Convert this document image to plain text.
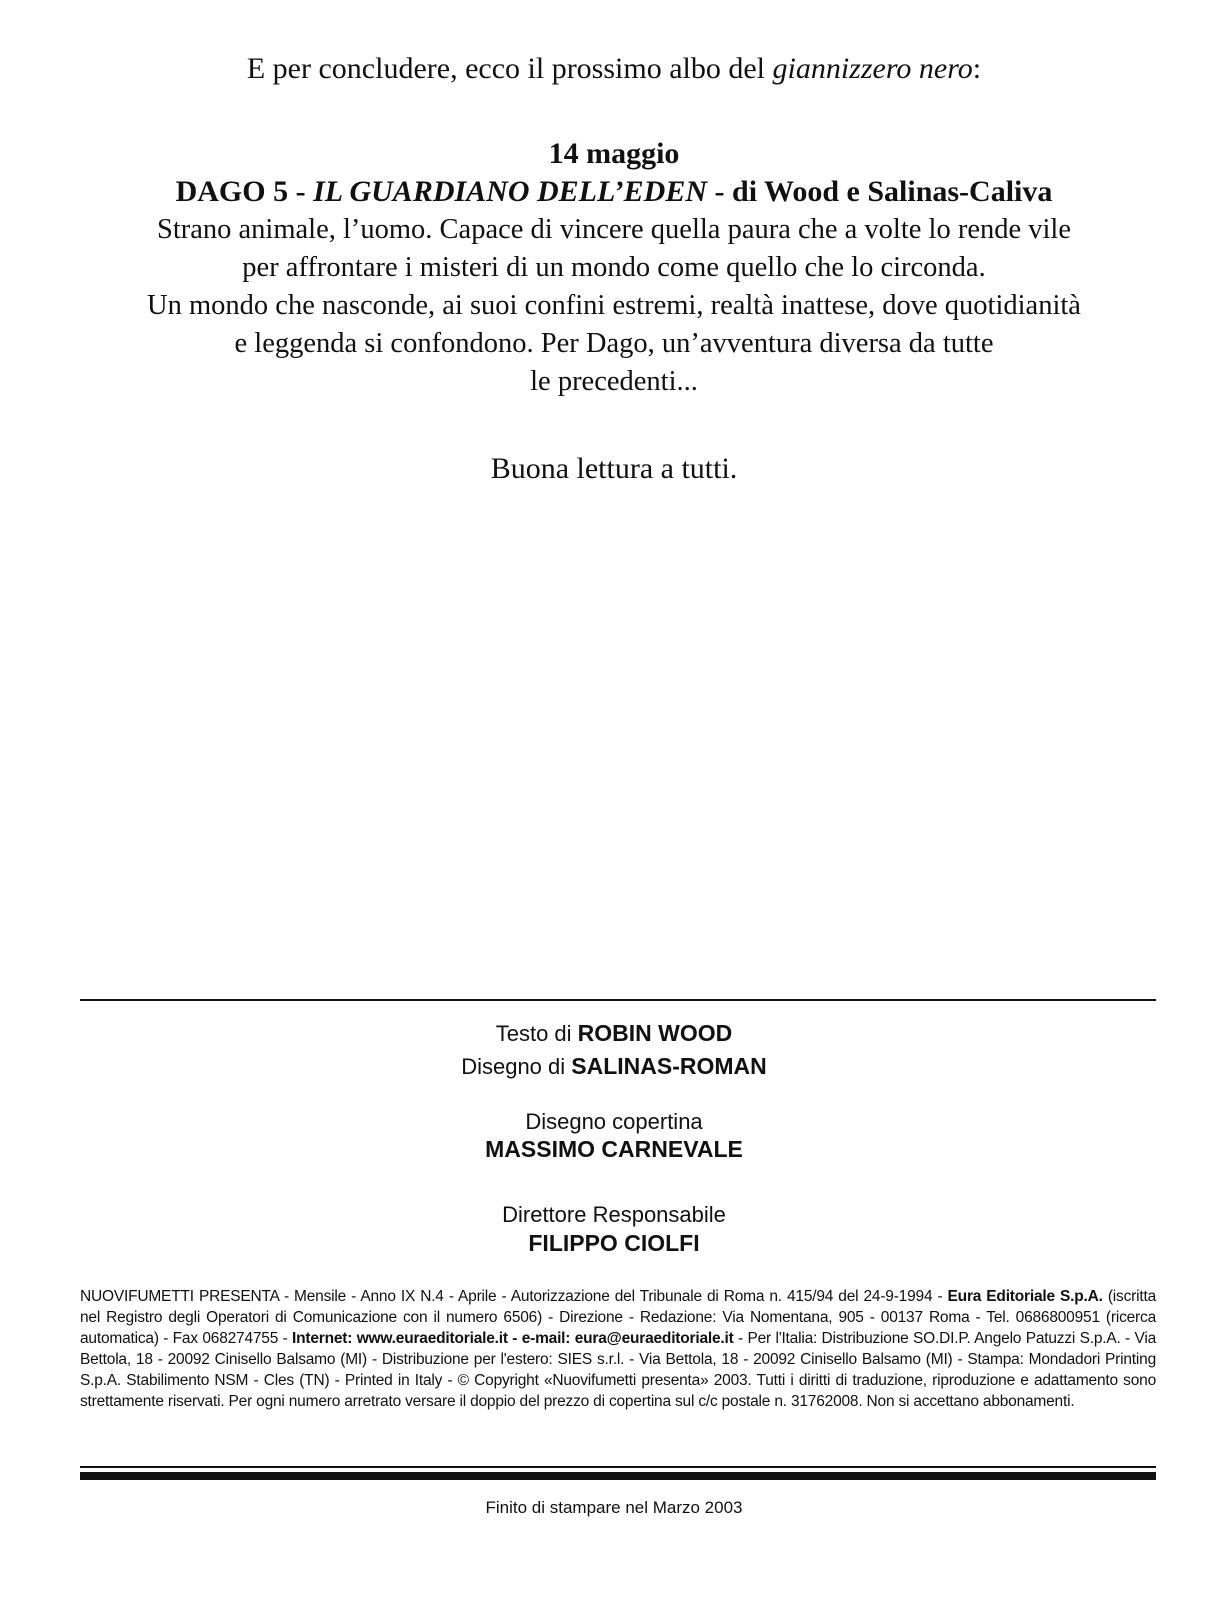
E per concludere, ecco il prossimo albo del giannizzero nero:
14 maggio
DAGO 5 - IL GUARDIANO DELL’EDEN - di Wood e Salinas-Caliva
Strano animale, l’uomo. Capace di vincere quella paura che a volte lo rende vile
per affrontare i misteri di un mondo come quello che lo circonda.
Un mondo che nasconde, ai suoi confini estremi, realtà inattese, dove quotidianità
e leggenda si confondono. Per Dago, un’avventura diversa da tutte
le precedenti...
Buona lettura a tutti.
Testo di ROBIN WOOD
Disegno di SALINAS-ROMAN
Disegno copertina
MASSIMO CARNEVALE
Direttore Responsabile
FILIPPO CIOLFI
NUOVIFUMETTI PRESENTA - Mensile - Anno IX N.4 - Aprile - Autorizzazione del Tribunale di Roma n. 415/94 del 24-9-1994 - Eura Editoriale S.p.A. (iscritta nel Registro degli Operatori di Comunicazione con il numero 6506) - Direzione - Redazione: Via Nomentana, 905 - 00137 Roma - Tel. 0686800951 (ricerca automatica) - Fax 068274755 - Internet: www.euraeditoriale.it - e-mail: eura@euraeditoriale.it - Per l'Italia: Distribuzione SO.DI.P. Angelo Patuzzi S.p.A. - Via Bettola, 18 - 20092 Cinisello Balsamo (MI) - Distribuzione per l'estero: SIES s.r.l. - Via Bettola, 18 - 20092 Cinisello Balsamo (MI) - Stampa: Mondadori Printing S.p.A. Stabilimento NSM - Cles (TN) - Printed in Italy - © Copyright «Nuovifumetti presenta» 2003. Tutti i diritti di traduzione, riproduzione e adattamento sono strettamente riservati. Per ogni numero arretrato versare il doppio del prezzo di copertina sul c/c postale n. 31762008. Non si accettano abbonamenti.
Finito di stampare nel Marzo 2003
